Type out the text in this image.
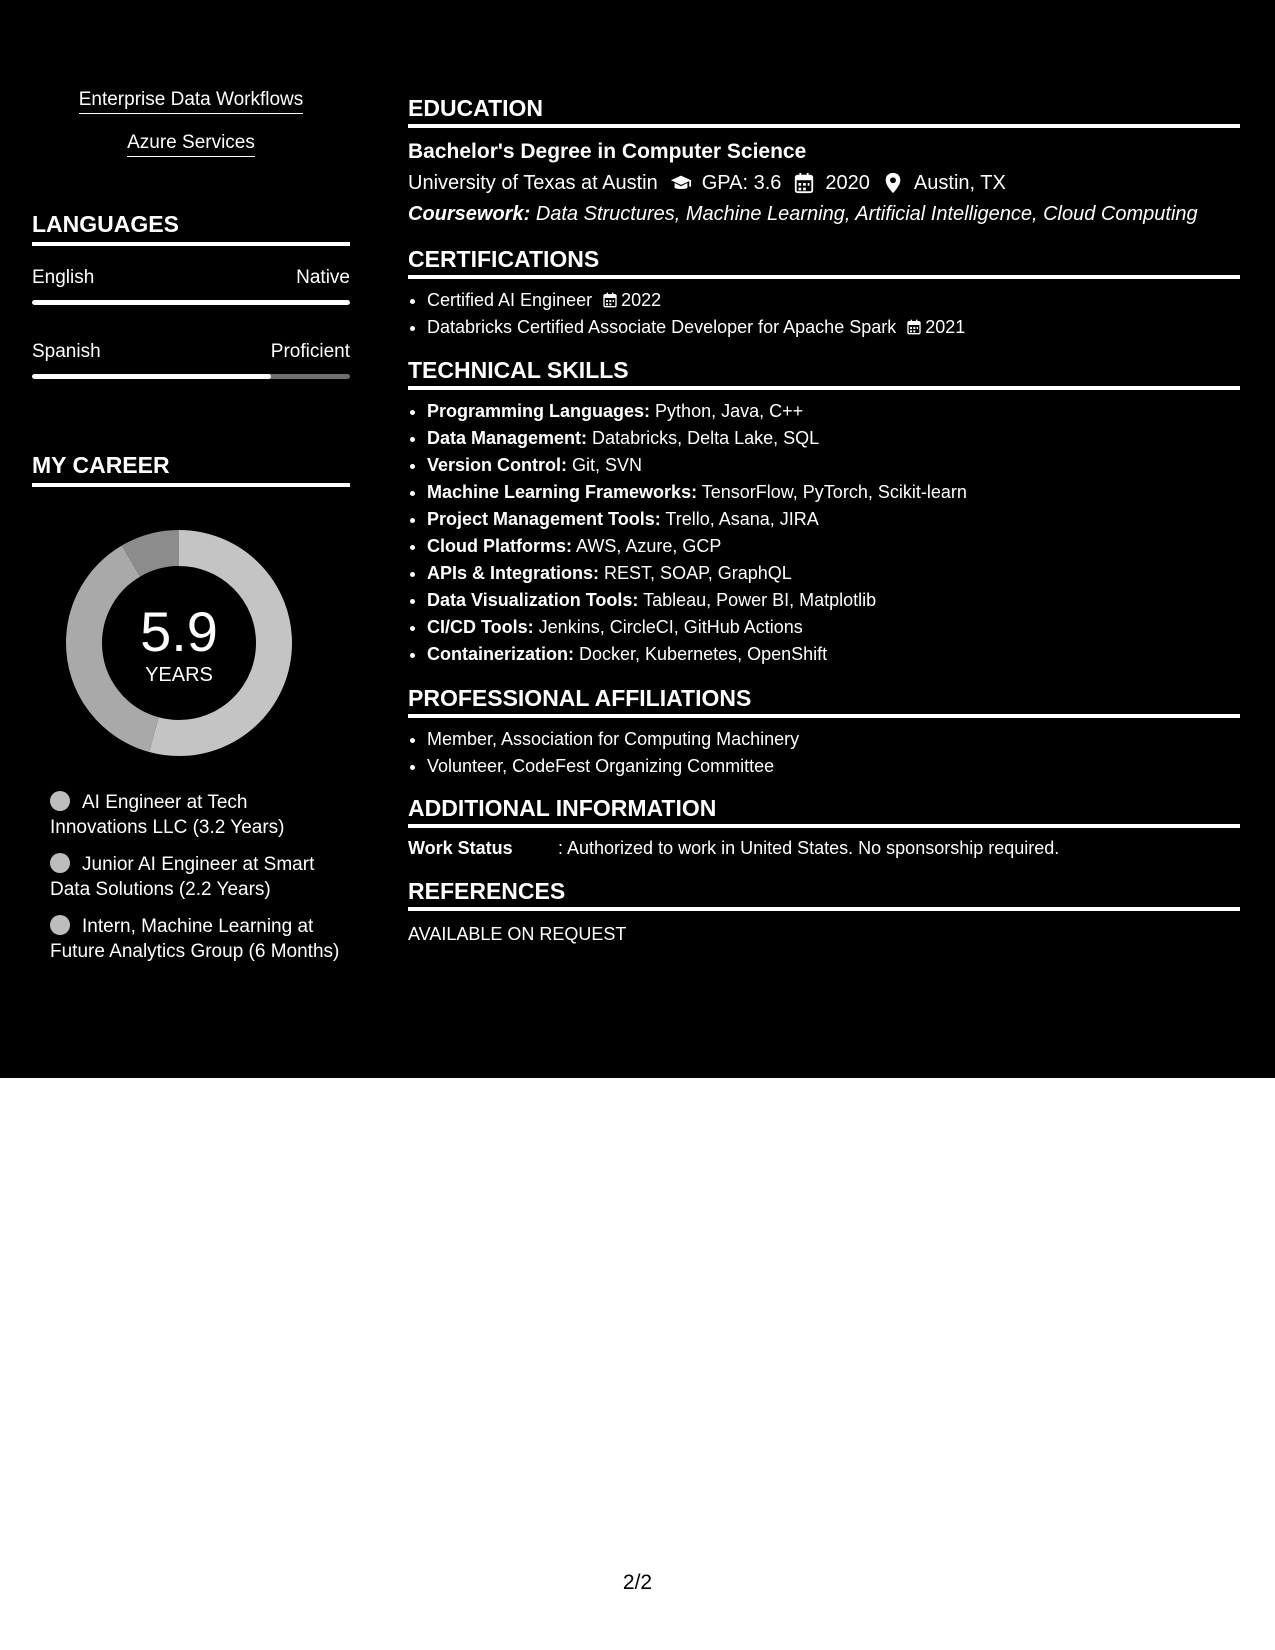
Enterprise Data Workflows
Azure Services
LANGUAGES
English	Native
Spanish	Proficient
MY CAREER
5.9
YEARS
AI Engineer at Tech Innovations LLC (3.2 Years)
Junior AI Engineer at Smart Data Solutions (2.2 Years)
Intern, Machine Learning at Future Analytics Group (6 Months)
EDUCATION
Bachelor's Degree in Computer Science
University of Texas at Austin GPA: 3.6 2020 Austin, TX
Coursework: Data Structures, Machine Learning, Artificial Intelligence, Cloud Computing
CERTIFICATIONS
• Certified AI Engineer 2022
• Databricks Certified Associate Developer for Apache Spark 2021
TECHNICAL SKILLS
• Programming Languages: Python, Java, C++
• Data Management: Databricks, Delta Lake, SQL
• Version Control: Git, SVN
• Machine Learning Frameworks: TensorFlow, PyTorch, Scikit-learn
• Project Management Tools: Trello, Asana, JIRA
• Cloud Platforms: AWS, Azure, GCP
• APIs & Integrations: REST, SOAP, GraphQL
• Data Visualization Tools: Tableau, Power BI, Matplotlib
• CI/CD Tools: Jenkins, CircleCI, GitHub Actions
• Containerization: Docker, Kubernetes, OpenShift
PROFESSIONAL AFFILIATIONS
• Member, Association for Computing Machinery
• Volunteer, CodeFest Organizing Committee
ADDITIONAL INFORMATION
Work Status	: Authorized to work in United States. No sponsorship required.
REFERENCES
AVAILABLE ON REQUEST
2/2
